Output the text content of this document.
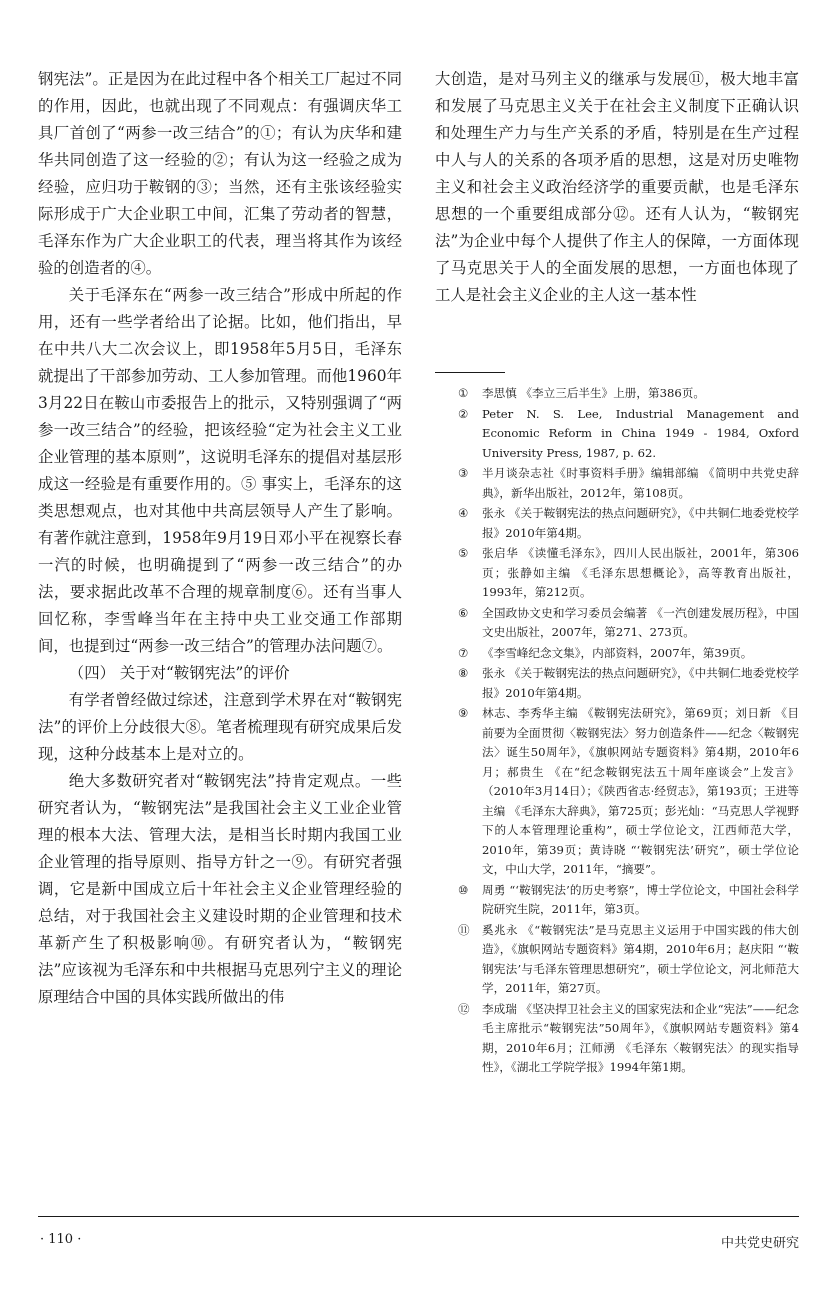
钢宪法”。正是因为在此过程中各个相关工厂起过不同的作用，因此，也就出现了不同观点：有强调庆华工具厂首创了“两参一改三结合”的①；有认为庆华和建华共同创造了这一经验的②；有认为这一经验之成为经验，应归功于鞍钢的③；当然，还有主张该经验实际形成于广大企业职工中间，汇集了劳动者的智慧，毛泽东作为广大企业职工的代表，理当将其作为该经验的创造者的④。

关于毛泽东在“两参一改三结合”形成中所起的作用，还有一些学者给出了论据。比如，他们指出，早在中共八大二次会议上，即1958年5月5日，毛泽东就提出了干部参加劳动、工人参加管理。而他1960年3月22日在鞍山市委报告上的批示，又特别强调了“两参一改三结合”的经验，把该经验“定为社会主义工业企业管理的基本原则”，这说明毛泽东的提倡对基层形成这一经验是有重要作用的。⑤ 事实上，毛泽东的这类思想观点，也对其他中共高层领导人产生了影响。有著作就注意到，1958年9月19日邓小平在视察长春一汽的时候，也明确提到了“两参一改三结合”的办法，要求据此改革不合理的规章制度⑥。还有当事人回忆称，李雪峰当年在主持中央工业交通工作部期间，也提到过“两参一改三结合”的管理办法问题⑦。

（四） 关于对“鞍钢宪法”的评价

有学者曾经做过综述，注意到学术界在对“鞍钢宪法”的评价上分歧很大⑧。笔者梳理现有研究成果后发现，这种分歧基本上是对立的。

绝大多数研究者对“鞍钢宪法”持肯定观点。一些研究者认为，“鞍钢宪法”是我国社会主义工业企业管理的根本大法、管理大法，是相当长时期内我国工业企业管理的指导原则、指导方针之一⑨。有研究者强调，它是新中国成立后十年社会主义企业管理经验的总结，对于我国社会主义建设时期的企业管理和技术革新产生了积极影响⑩。有研究者认为，“鞍钢宪法”应该视为毛泽东和中共根据马克思列宁主义的理论原理结合中国的具体实践所做出的伟

大创造，是对马列主义的继承与发展⑪，极大地丰富和发展了马克思主义关于在社会主义制度下正确认识和处理生产力与生产关系的矛盾，特别是在生产过程中人与人的关系的各项矛盾的思想，这是对历史唯物主义和社会主义政治经济学的重要贡献，也是毛泽东思想的一个重要组成部分⑫。还有人认为，“鞍钢宪法”为企业中每个人提供了作主人的保障，一方面体现了马克思关于人的全面发展的思想，一方面也体现了工人是社会主义企业的主人这一基本性

① 李思慎 《李立三后半生》上册，第386页。

② Peter N. S. Lee, Industrial Management and Economic Reform in China 1949 - 1984, Oxford University Press, 1987, p. 62.

③ 半月谈杂志社《时事资料手册》编辑部编 《简明中共党史辞典》，新华出版社，2012年，第108页。

④ 张永 《关于鞍钢宪法的热点问题研究》，《中共铜仁地委党校学报》2010年第4期。

⑤ 张启华 《读懂毛泽东》，四川人民出版社，2001年，第306页；张静如主编 《毛泽东思想概论》，高等教育出版社，1993年，第212页。

⑥ 全国政协文史和学习委员会编著 《一汽创建发展历程》，中国文史出版社，2007年，第271、273页。

⑦ 《李雪峰纪念文集》，内部资料，2007年，第39页。

⑧ 张永 《关于鞍钢宪法的热点问题研究》，《中共铜仁地委党校学报》2010年第4期。

⑨ 林志、李秀华主编 《鞍钢宪法研究》，第69页；刘日新 《目前要为全面贯彻〈鞍钢宪法〉努力创造条件——纪念〈鞍钢宪法〉诞生50周年》，《旗帜网站专题资料》第4期，2010年6月；郝贵生 《在“纪念鞍钢宪法五十周年座谈会”上发言》（2010年3月14日）；《陕西省志·经贸志》，第193页；王进等主编 《毛泽东大辞典》，第725页；彭光灿：“马克思人学视野下的人本管理理论重构”，硕士学位论文，江西师范大学，2010年，第39页；黄诗晓 “‘鞍钢宪法’研究”，硕士学位论文，中山大学，2011年，“摘要”。

⑩ 周勇 “‘鞍钢宪法’的历史考察”，博士学位论文，中国社会科学院研究生院，2011年，第3页。

⑪ 奚兆永 《“鞍钢宪法”是马克思主义运用于中国实践的伟大创造》，《旗帜网站专题资料》第4期，2010年6月；赵庆阳 “‘鞍钢宪法’与毛泽东管理思想研究”，硕士学位论文，河北师范大学，2011年，第27页。

⑫ 李成瑞 《坚决捍卫社会主义的国家宪法和企业“宪法”——纪念毛主席批示“鞍钢宪法”50周年》，《旗帜网站专题资料》第4期，2010年6月；江师湧 《毛泽东〈鞍钢宪法〉的现实指导性》，《湖北工学院学报》1994年第1期。

· 110 ·	中共党史研究
